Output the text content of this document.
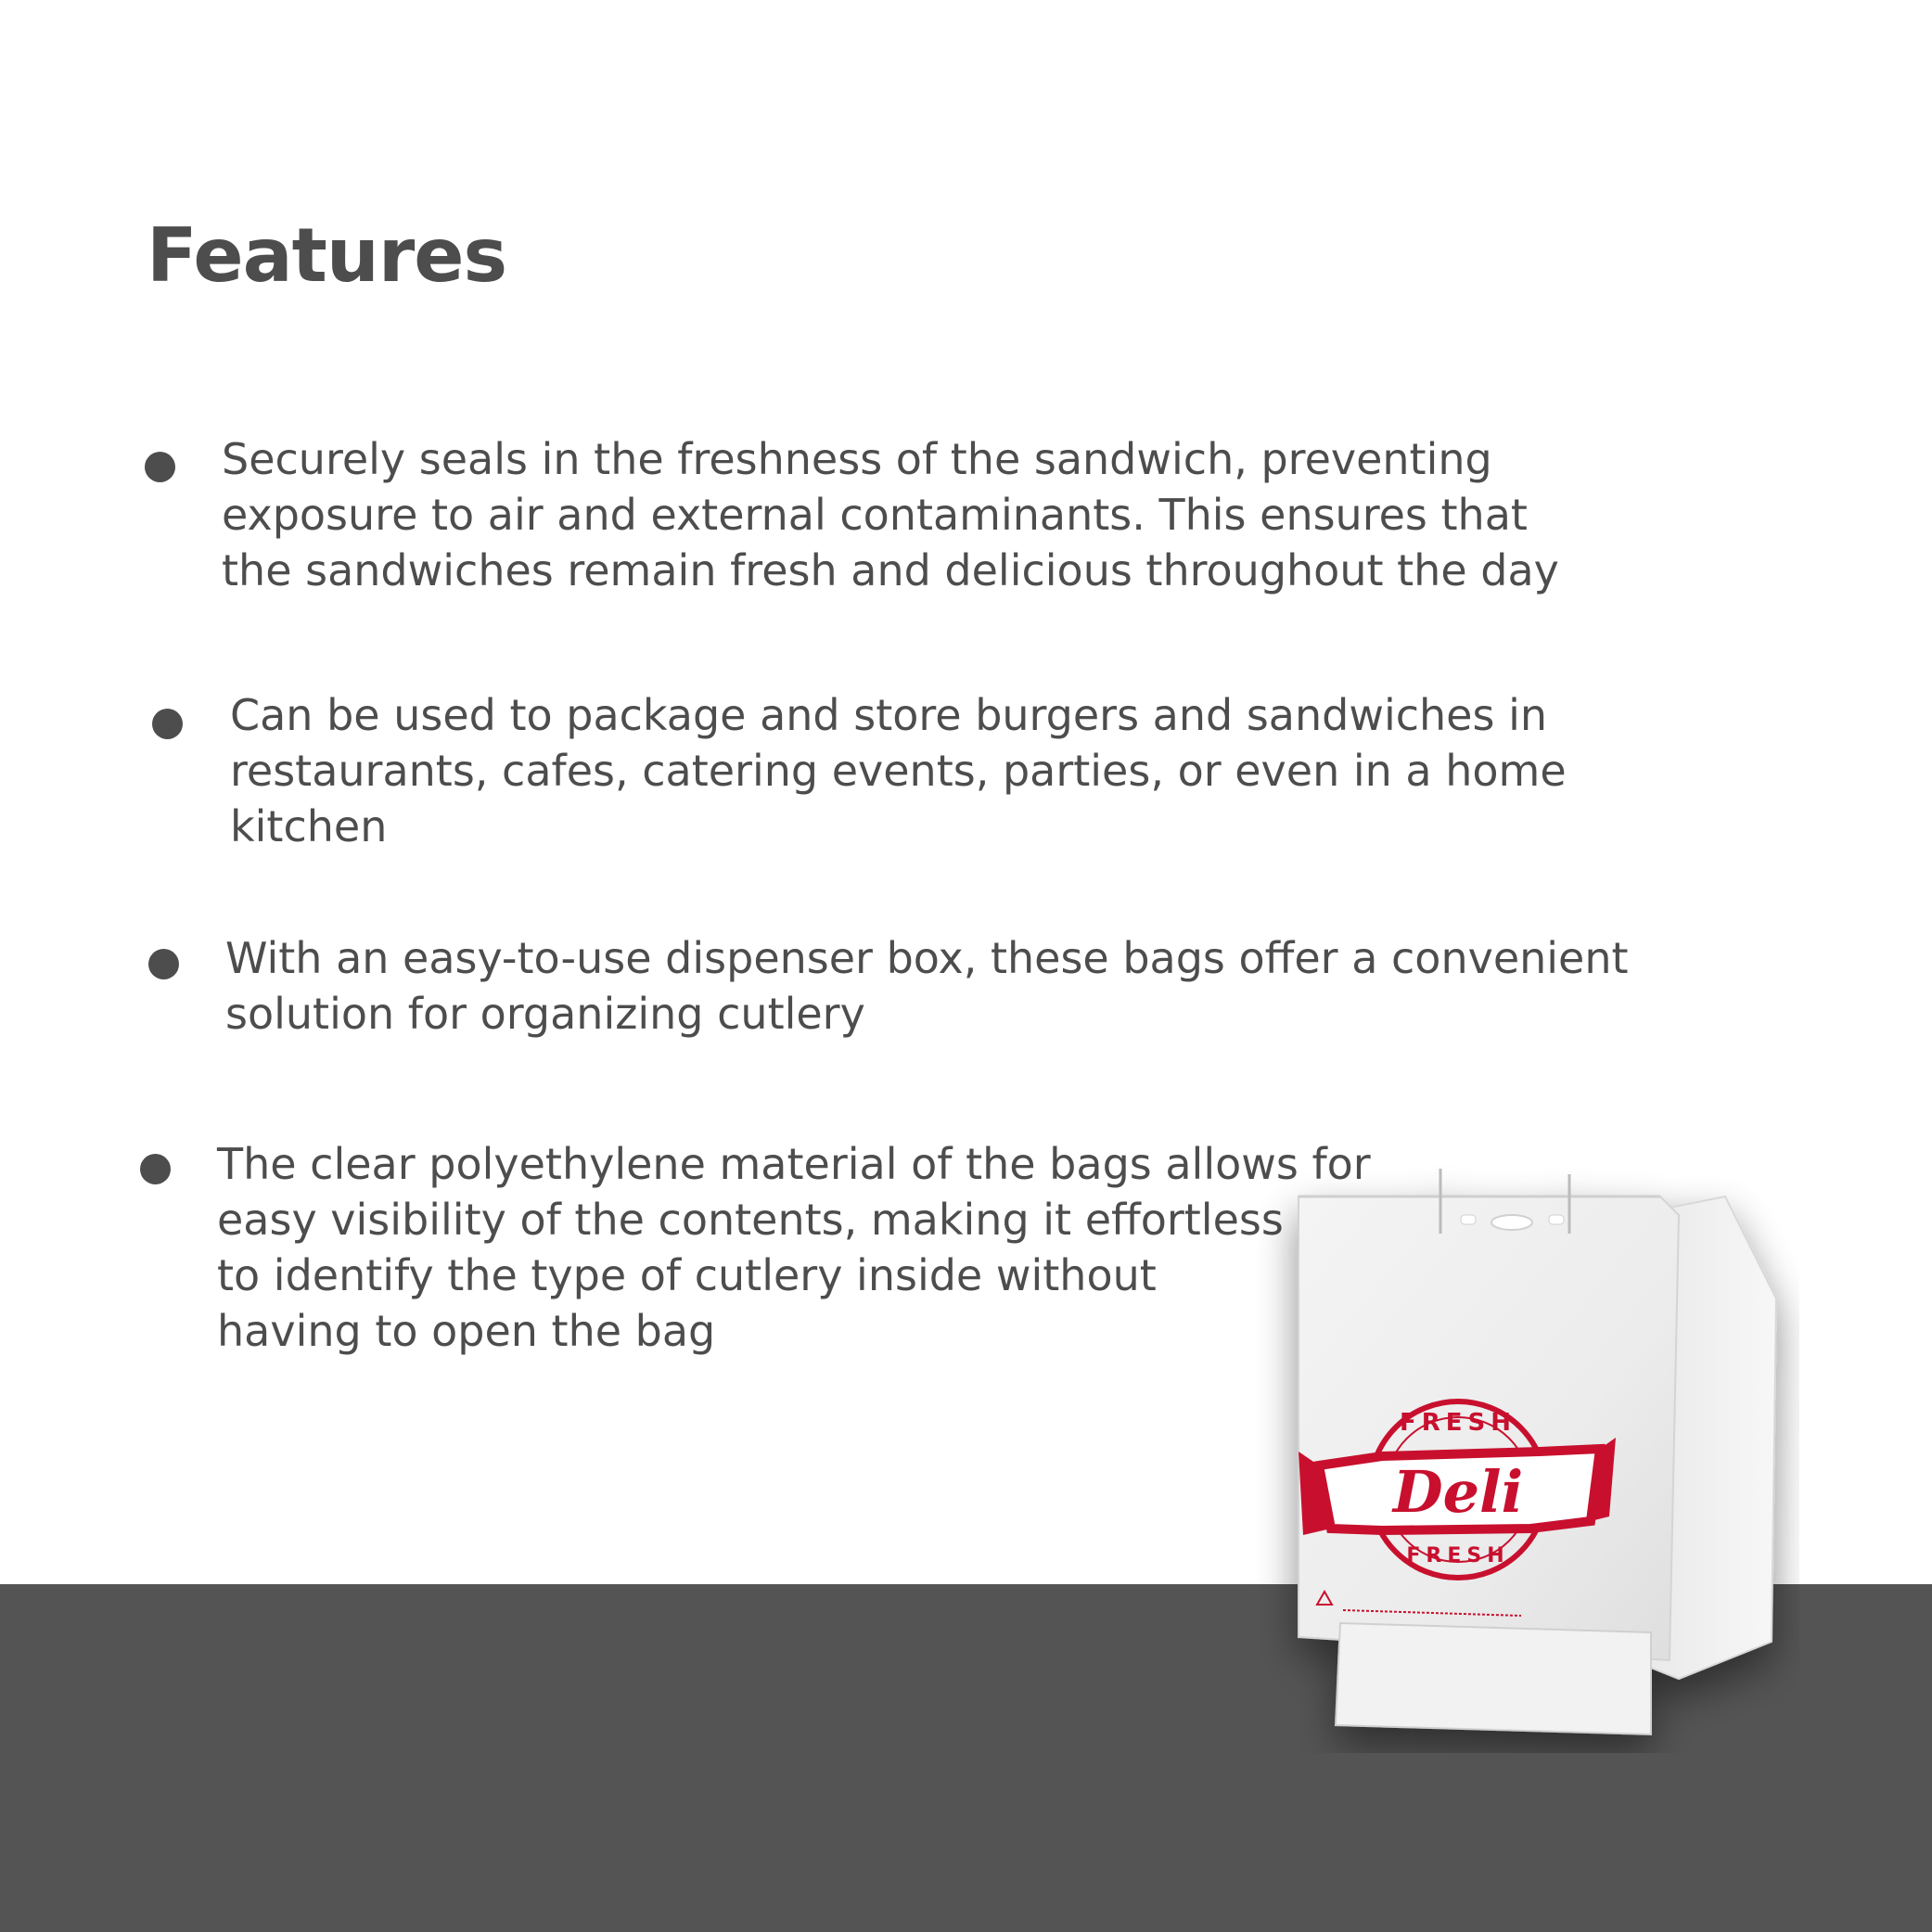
Features

Securely seals in the freshness of the sandwich, preventing
exposure to air and external contaminants. This ensures that
the sandwiches remain fresh and delicious throughout the day

Can be used to package and store burgers and sandwiches in
restaurants, cafes, catering events, parties, or even in a home
kitchen

With an easy-to-use dispenser box, these bags offer a convenient
solution for organizing cutlery

The clear polyethylene material of the bags allows for
easy visibility of the contents, making it effortless
to identify the type of cutlery inside without
having to open the bag

FRESH
Deli
FRESH
